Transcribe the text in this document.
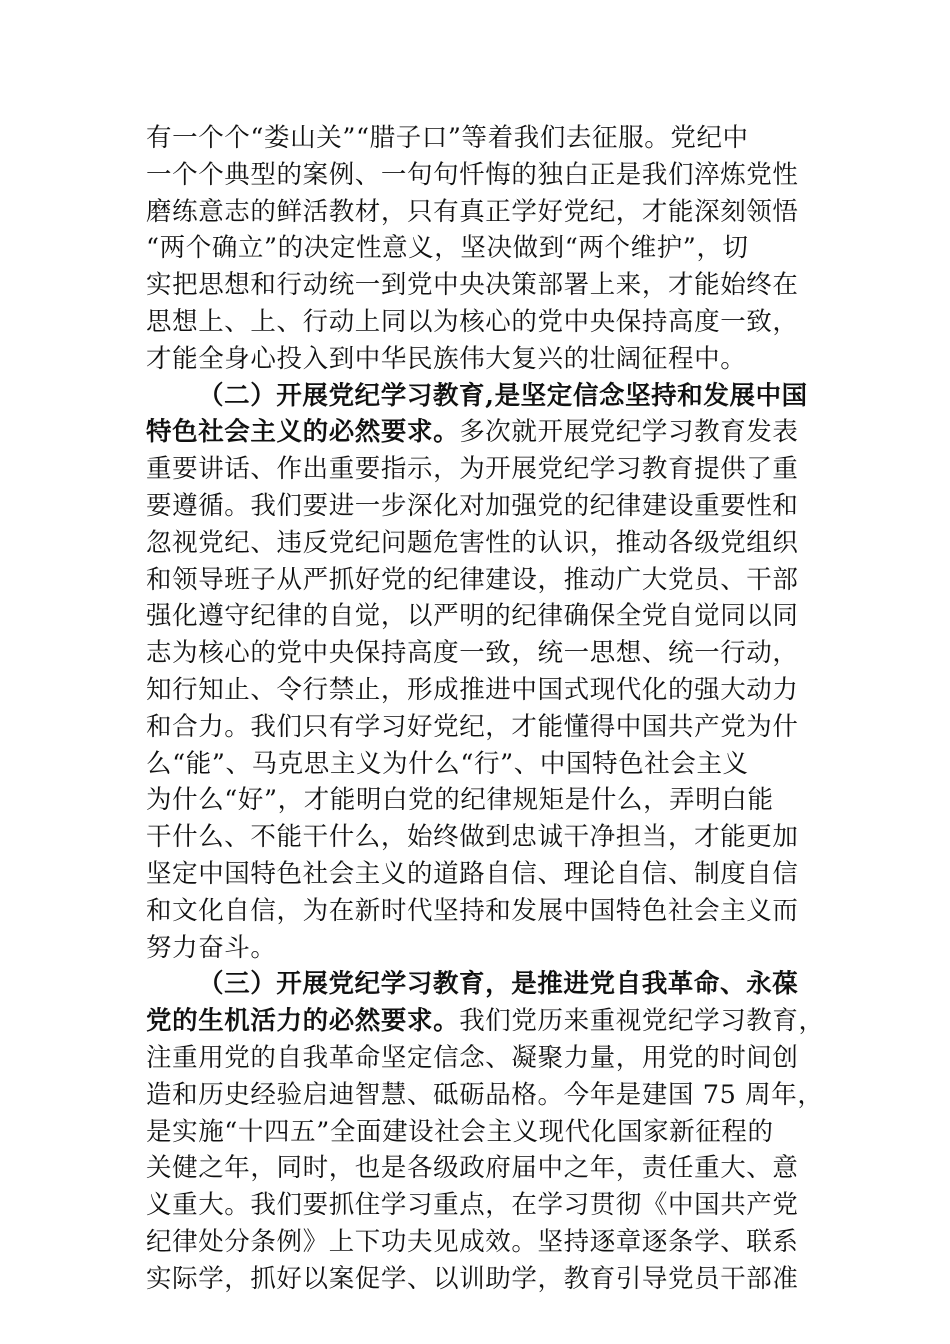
有一个个“娄山关”“腊子口”等着我们去征服。党纪中
一个个典型的案例、一句句忏悔的独白正是我们淬炼党性
磨练意志的鲜活教材，只有真正学好党纪，才能深刻领悟
“两个确立”的决定性意义，坚决做到“两个维护”，切
实把思想和行动统一到党中央决策部署上来，才能始终在
思想上、上、行动上同以为核心的党中央保持高度一致，
才能全身心投入到中华民族伟大复兴的壮阔征程中。
（二）开展党纪学习教育,是坚定信念坚持和发展中国
特色社会主义的必然要求。多次就开展党纪学习教育发表
重要讲话、作出重要指示，为开展党纪学习教育提供了重
要遵循。我们要进一步深化对加强党的纪律建设重要性和
忽视党纪、违反党纪问题危害性的认识，推动各级党组织
和领导班子从严抓好党的纪律建设，推动广大党员、干部
强化遵守纪律的自觉，以严明的纪律确保全党自觉同以同
志为核心的党中央保持高度一致，统一思想、统一行动，
知行知止、令行禁止，形成推进中国式现代化的强大动力
和合力。我们只有学习好党纪，才能懂得中国共产党为什
么“能”、马克思主义为什么“行”、中国特色社会主义
为什么“好”，才能明白党的纪律规矩是什么，弄明白能
干什么、不能干什么，始终做到忠诚干净担当，才能更加
坚定中国特色社会主义的道路自信、理论自信、制度自信
和文化自信，为在新时代坚持和发展中国特色社会主义而
努力奋斗。
（三）开展党纪学习教育，是推进党自我革命、永葆
党的生机活力的必然要求。我们党历来重视党纪学习教育，
注重用党的自我革命坚定信念、凝聚力量，用党的时间创
造和历史经验启迪智慧、砥砺品格。今年是建国 75 周年，
是实施“十四五”全面建设社会主义现代化国家新征程的
关健之年，同时，也是各级政府届中之年，责任重大、意
义重大。我们要抓住学习重点，在学习贯彻《中国共产党
纪律处分条例》上下功夫见成效。坚持逐章逐条学、联系
实际学，抓好以案促学、以训助学，教育引导党员干部准
